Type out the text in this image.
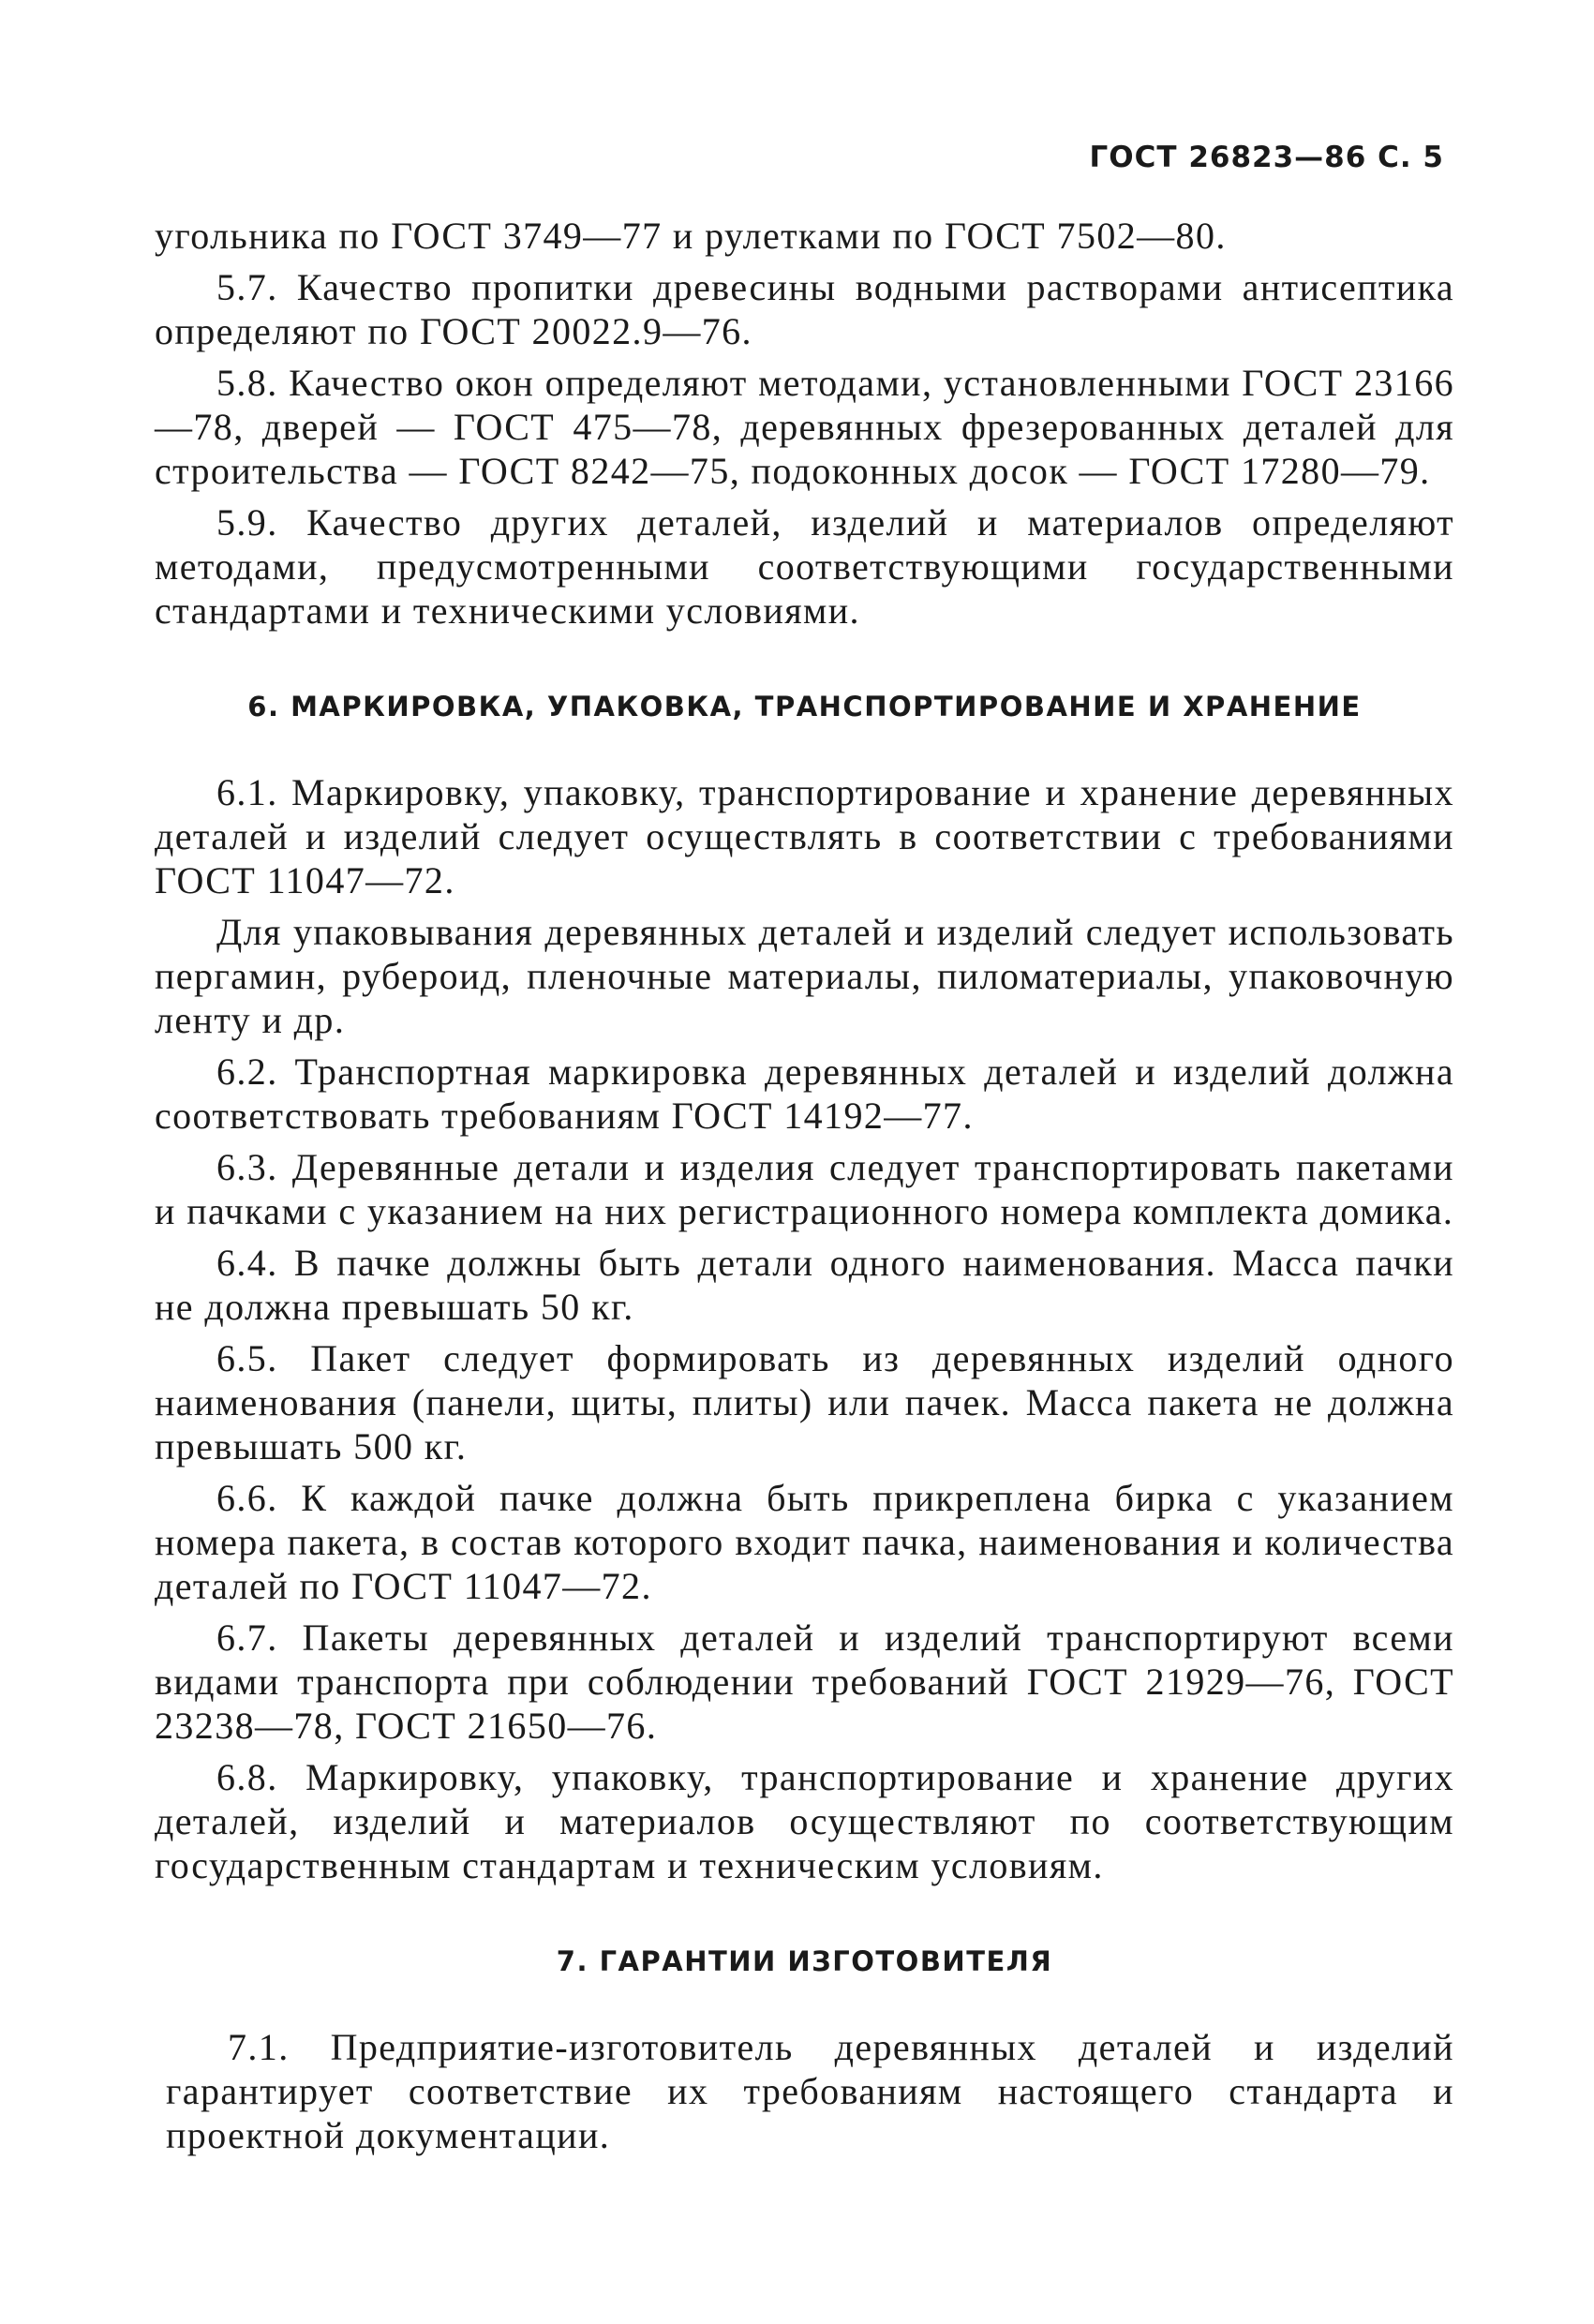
ГОСТ 26823—86 С. 5

угольника по ГОСТ 3749—77 и рулетками по ГОСТ 7502—80.

5.7. Качество пропитки древесины водными растворами антисептика определяют по ГОСТ 20022.9—76.

5.8. Качество окон определяют методами, установленными ГОСТ 23166—78, дверей — ГОСТ 475—78, деревянных фрезерованных деталей для строительства — ГОСТ 8242—75, подоконных досок — ГОСТ 17280—79.

5.9. Качество других деталей, изделий и материалов определяют методами, предусмотренными соответствующими государственными стандартами и техническими условиями.

6. МАРКИРОВКА, УПАКОВКА, ТРАНСПОРТИРОВАНИЕ И ХРАНЕНИЕ

6.1. Маркировку, упаковку, транспортирование и хранение деревянных деталей и изделий следует осуществлять в соответствии с требованиями ГОСТ 11047—72.

Для упаковывания деревянных деталей и изделий следует использовать пергамин, рубероид, пленочные материалы, пиломатериалы, упаковочную ленту и др.

6.2. Транспортная маркировка деревянных деталей и изделий должна соответствовать требованиям ГОСТ 14192—77.

6.3. Деревянные детали и изделия следует транспортировать пакетами и пачками с указанием на них регистрационного номера комплекта домика.

6.4. В пачке должны быть детали одного наименования. Масса пачки не должна превышать 50 кг.

6.5. Пакет следует формировать из деревянных изделий одного наименования (панели, щиты, плиты) или пачек. Масса пакета не должна превышать 500 кг.

6.6. К каждой пачке должна быть прикреплена бирка с указанием номера пакета, в состав которого входит пачка, наименования и количества деталей по ГОСТ 11047—72.

6.7. Пакеты деревянных деталей и изделий транспортируют всеми видами транспорта при соблюдении требований ГОСТ 21929—76, ГОСТ 23238—78, ГОСТ 21650—76.

6.8. Маркировку, упаковку, транспортирование и хранение других деталей, изделий и материалов осуществляют по соответствующим государственным стандартам и техническим условиям.

7. ГАРАНТИИ ИЗГОТОВИТЕЛЯ

7.1. Предприятие-изготовитель деревянных деталей и изделий гарантирует соответствие их требованиям настоящего стандарта и проектной документации.
